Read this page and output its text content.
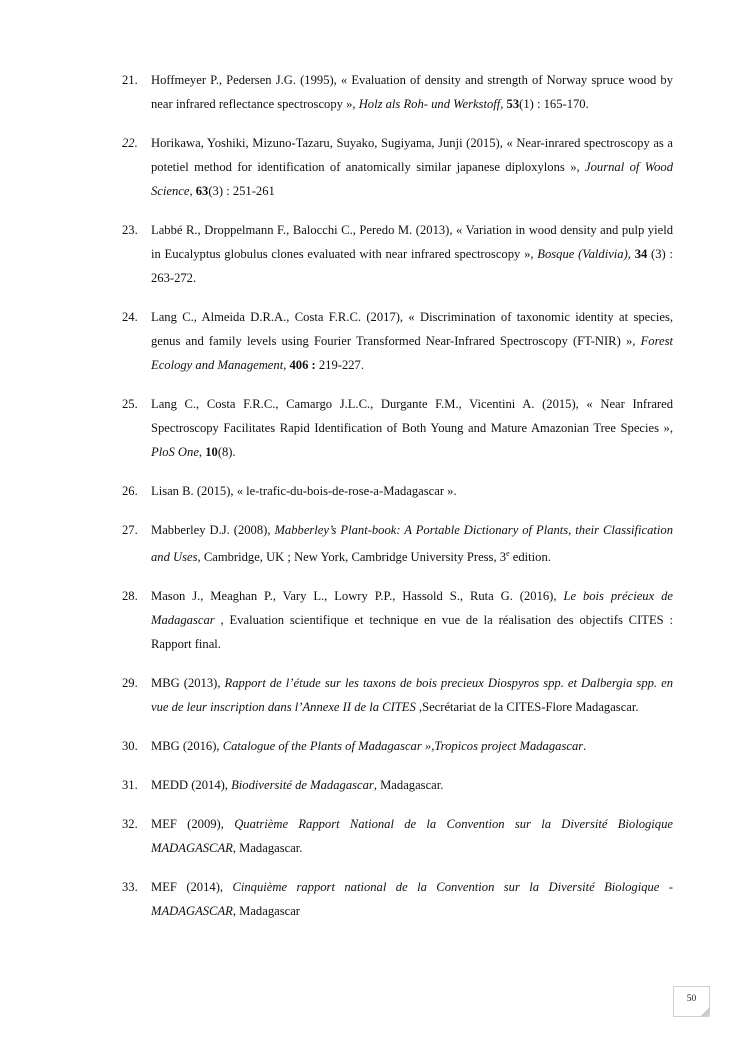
21.	Hoffmeyer P., Pedersen J.G. (1995), « Evaluation of density and strength of Norway spruce wood by near infrared reflectance spectroscopy », Holz als Roh- und Werkstoff, 53(1) : 165-170.
22.	Horikawa, Yoshiki, Mizuno-Tazaru, Suyako, Sugiyama, Junji (2015), « Near-inrared spectroscopy as a potetiel method for identification of anatomically similar japanese diploxylons », Journal of Wood Science, 63(3) : 251-261
23.	Labbé R., Droppelmann F., Balocchi C., Peredo M. (2013), « Variation in wood density and pulp yield in Eucalyptus globulus clones evaluated with near infrared spectroscopy », Bosque (Valdivia), 34 (3) : 263-272.
24.	Lang C., Almeida D.R.A., Costa F.R.C. (2017), « Discrimination of taxonomic identity at species, genus and family levels using Fourier Transformed Near-Infrared Spectroscopy (FT-NIR) », Forest Ecology and Management, 406 : 219-227.
25.	Lang C., Costa F.R.C., Camargo J.L.C., Durgante F.M., Vicentini A. (2015), « Near Infrared Spectroscopy Facilitates Rapid Identification of Both Young and Mature Amazonian Tree Species », PloS One, 10(8).
26.	Lisan B. (2015), « le-trafic-du-bois-de-rose-a-Madagascar ».
27.	Mabberley D.J. (2008), Mabberley’s Plant-book: A Portable Dictionary of Plants, their Classification and Uses, Cambridge, UK ; New York, Cambridge University Press, 3e edition.
28.	Mason J., Meaghan P., Vary L., Lowry P.P., Hassold S., Ruta G. (2016), Le bois précieux de Madagascar , Evaluation scientifique et technique en vue de la réalisation des objectifs CITES : Rapport final.
29.	MBG (2013), Rapport de l’étude sur les taxons de bois precieux Diospyros spp. et Dalbergia spp. en vue de leur inscription dans l’Annexe II de la CITES ,Secrétariat de la CITES-Flore Madagascar.
30.	MBG (2016), Catalogue of the Plants of Madagascar »,Tropicos project Madagascar.
31.	MEDD (2014), Biodiversité de Madagascar, Madagascar.
32.	MEF (2009), Quatrième Rapport National de la Convention sur la Diversité Biologique MADAGASCAR, Madagascar.
33.	MEF (2014), Cinquième rapport national de la Convention sur la Diversité Biologique - MADAGASCAR, Madagascar
50
